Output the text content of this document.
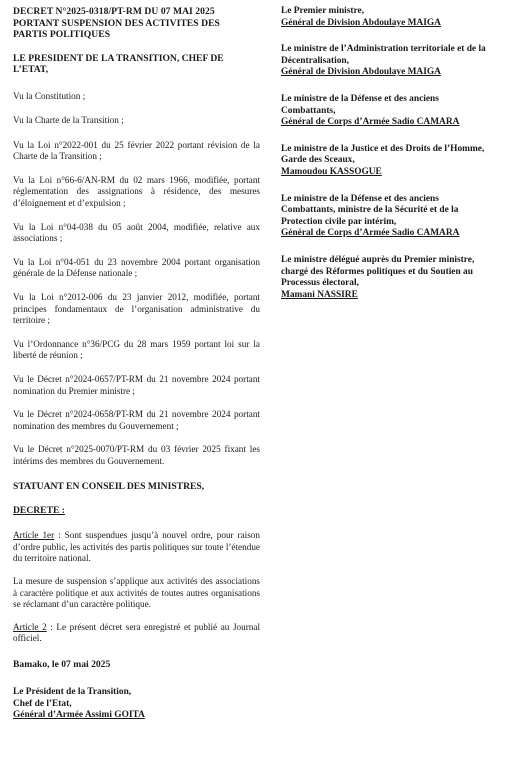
DECRET N°2025-0318/PT-RM DU 07 MAI 2025
PORTANT SUSPENSION DES ACTIVITES DES
PARTIS POLITIQUES
LE PRESIDENT DE LA TRANSITION, CHEF DE
L’ETAT,

Vu la Constitution ;

Vu la Charte de la Transition ;

Vu la Loi n°2022-001 du 25 février 2022 portant révision de la Charte de la Transition ;

Vu la Loi n°66-6/AN-RM du 02 mars 1966, modifiée, portant réglementation des assignations à résidence, des mesures d’éloignement et d’expulsion ;

Vu la Loi n°04-038 du 05 août 2004, modifiée, relative aux associations ;

Vu la Loi n°04-051 du 23 novembre 2004 portant organisation générale de la Défense nationale ;

Vu la Loi n°2012-006 du 23 janvier 2012, modifiée, portant principes fondamentaux de l’organisation administrative du territoire ;

Vu l’Ordonnance n°36/PCG du 28 mars 1959 portant loi sur la liberté de réunion ;

Vu le Décret n°2024-0657/PT-RM du 21 novembre 2024 portant nomination du Premier ministre ;

Vu le Décret n°2024-0658/PT-RM du 21 novembre 2024 portant nomination des membres du Gouvernement ;

Vu le Décret n°2025-0070/PT-RM du 03 février 2025 fixant les intérims des membres du Gouvernement.

STATUANT EN CONSEIL DES MINISTRES,

DECRETE :

Article 1er : Sont suspendues jusqu’à nouvel ordre, pour raison d’ordre public, les activités des partis politiques sur toute l’étendue du territoire national.

La mesure de suspension s’applique aux activités des associations à caractère politique et aux activités de toutes autres organisations se réclamant d’un caractère politique.

Article 2 : Le présent décret sera enregistré et publié au Journal officiel.

Bamako, le 07 mai 2025

Le Président de la Transition,
Chef de l’Etat,
Général d’Armée Assimi GOITA
Le Premier ministre,
Général de Division Abdoulaye MAIGA
Le ministre de l’Administration territoriale et de la Décentralisation,
Général de Division Abdoulaye MAIGA
Le ministre de la Défense et des anciens Combattants,
Général de Corps d’Armée Sadio CAMARA
Le ministre de la Justice et des Droits de l’Homme, Garde des Sceaux,
Mamoudou KASSOGUE
Le ministre de la Défense et des anciens Combattants, ministre de la Sécurité et de la Protection civile par intérim,
Général de Corps d’Armée Sadio CAMARA
Le ministre délégué auprès du Premier ministre, chargé des Réformes politiques et du Soutien au Processus électoral,
Mamani NASSIRE
